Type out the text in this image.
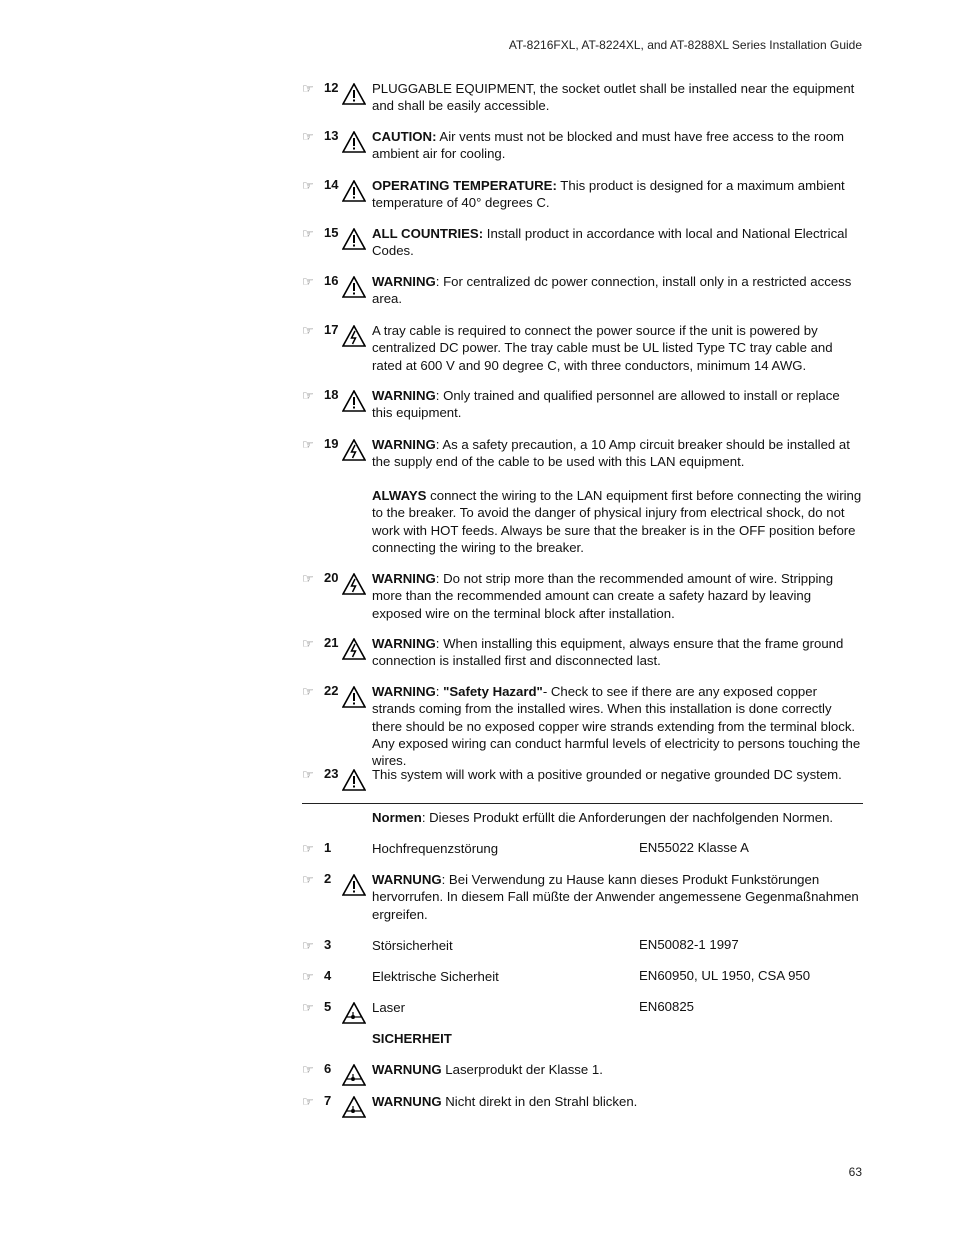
AT-8216FXL, AT-8224XL, and AT-8288XL Series Installation Guide
☞ 12	PLUGGABLE EQUIPMENT, the socket outlet shall be installed near the equipment and shall be easily accessible.
☞ 13	CAUTION: Air vents must not be blocked and must have free access to the room ambient air for cooling.
☞ 14	OPERATING TEMPERATURE: This product is designed for a maximum ambient temperature of 40° degrees C.
☞ 15	ALL COUNTRIES: Install product in accordance with local and National Electrical Codes.
☞ 16	WARNING: For centralized dc power connection, install only in a restricted access area.
☞ 17	A tray cable is required to connect the power source if the unit is powered by centralized DC power. The tray cable must be UL listed Type TC tray cable and rated at 600 V and 90 degree C, with three conductors, minimum 14 AWG.
☞ 18	WARNING: Only trained and qualified personnel are allowed to install or replace this equipment.
☞ 19	WARNING: As a safety precaution, a 10 Amp circuit breaker should be installed at the supply end of the cable to be used with this LAN equipment.
ALWAYS connect the wiring to the LAN equipment first before connecting the wiring to the breaker. To avoid the danger of physical injury from electrical shock, do not work with HOT feeds. Always be sure that the breaker is in the OFF position before connecting the wiring to the breaker.
☞ 20	WARNING: Do not strip more than the recommended amount of wire. Stripping more than the recommended amount can create a safety hazard by leaving exposed wire on the terminal block after installation.
☞ 21	WARNING: When installing this equipment, always ensure that the frame ground connection is installed first and disconnected last.
☞ 22	WARNING: "Safety Hazard"- Check to see if there are any exposed copper strands coming from the installed wires. When this installation is done correctly there should be no exposed copper wire strands extending from the terminal block. Any exposed wiring can conduct harmful levels of electricity to persons touching the wires.
☞ 23	This system will work with a positive grounded or negative grounded DC system.
Normen: Dieses Produkt erfüllt die Anforderungen der nachfolgenden Normen.
☞ 1	Hochfrequenzstörung	EN55022 Klasse A
☞ 2	WARNUNG: Bei Verwendung zu Hause kann dieses Produkt Funkstörungen hervorrufen. In diesem Fall müßte der Anwender angemessene Gegenmaßnahmen ergreifen.
☞ 3	Störsicherheit	EN50082-1 1997
☞ 4	Elektrische Sicherheit	EN60950, UL 1950, CSA 950
☞ 5	Laser	EN60825
SICHERHEIT
☞ 6	WARNUNG Laserprodukt der Klasse 1.
☞ 7	WARNUNG Nicht direkt in den Strahl blicken.
63
